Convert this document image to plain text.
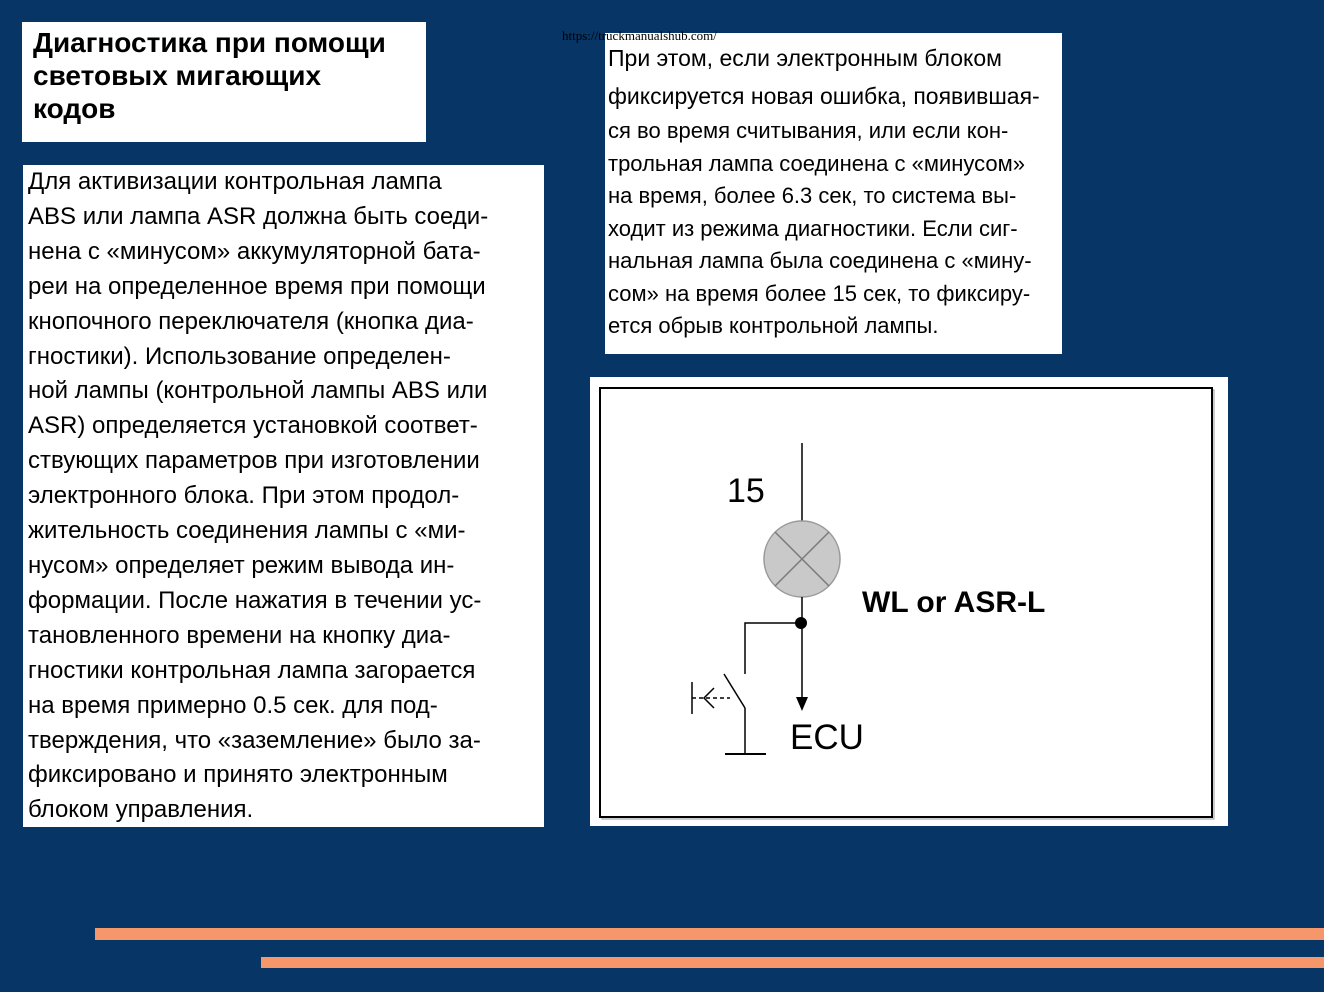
https://truckmanualshub.com/
Диагностика при помощи
световых мигающих
кодов
Для активизации контрольная лампа
ABS или лампа ASR должна быть соеди-
нена с «минусом» аккумуляторной бата-
реи на определенное время при помощи
кнопочного переключателя (кнопка диа-
гностики). Использование определен-
ной лампы (контрольной лампы ABS или
ASR) определяется установкой соответ-
ствующих параметров при изготовлении
электронного блока. При этом продол-
жительность соединения лампы с «ми-
нусом» определяет режим вывода ин-
формации. После нажатия в течении ус-
тановленного времени на кнопку диа-
гностики контрольная лампа загорается
на время примерно 0.5 сек. для под-
тверждения, что «заземление» было за-
фиксировано и принято электронным
блоком управления.
При этом, если электронным блоком
фиксируется новая ошибка, появившая-
ся во время считывания, или если кон-
трольная лампа соединена с «минусом»
на время, более 6.3 сек, то система вы-
ходит из режима диагностики. Если сиг-
нальная лампа была соединена с «мину-
сом» на время более 15 сек, то фиксиру-
ется обрыв контрольной лампы.
15
WL or ASR-L
ECU
